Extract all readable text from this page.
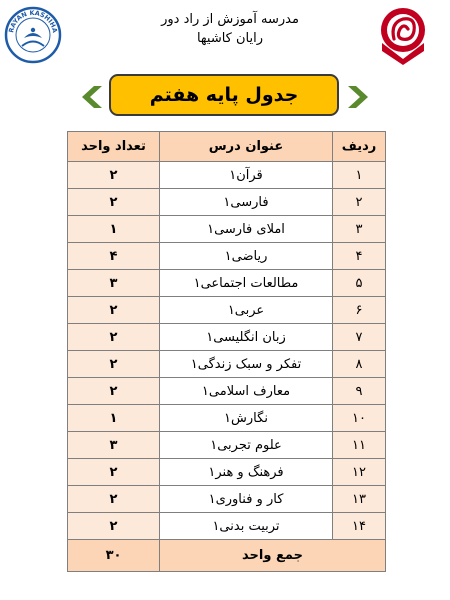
RAYAN KASHIHA
مدرسه آموزش از راد دور
رایان کاشیها
جدول پایه هفتم
ردیف	عنوان درس	تعداد واحد
۱	قرآن۱	۲
۲	فارسی۱	۲
۳	املای فارسی۱	۱
۴	ریاضی۱	۴
۵	مطالعات اجتماعی۱	۳
۶	عربی۱	۲
۷	زبان انگلیسی۱	۲
۸	تفکر و سبک زندگی۱	۲
۹	معارف اسلامی۱	۲
۱۰	نگارش۱	۱
۱۱	علوم تجربی۱	۳
۱۲	فرهنگ و هنر۱	۲
۱۳	کار و فناوری۱	۲
۱۴	تربیت بدنی۱	۲
جمع واحد		۳۰
